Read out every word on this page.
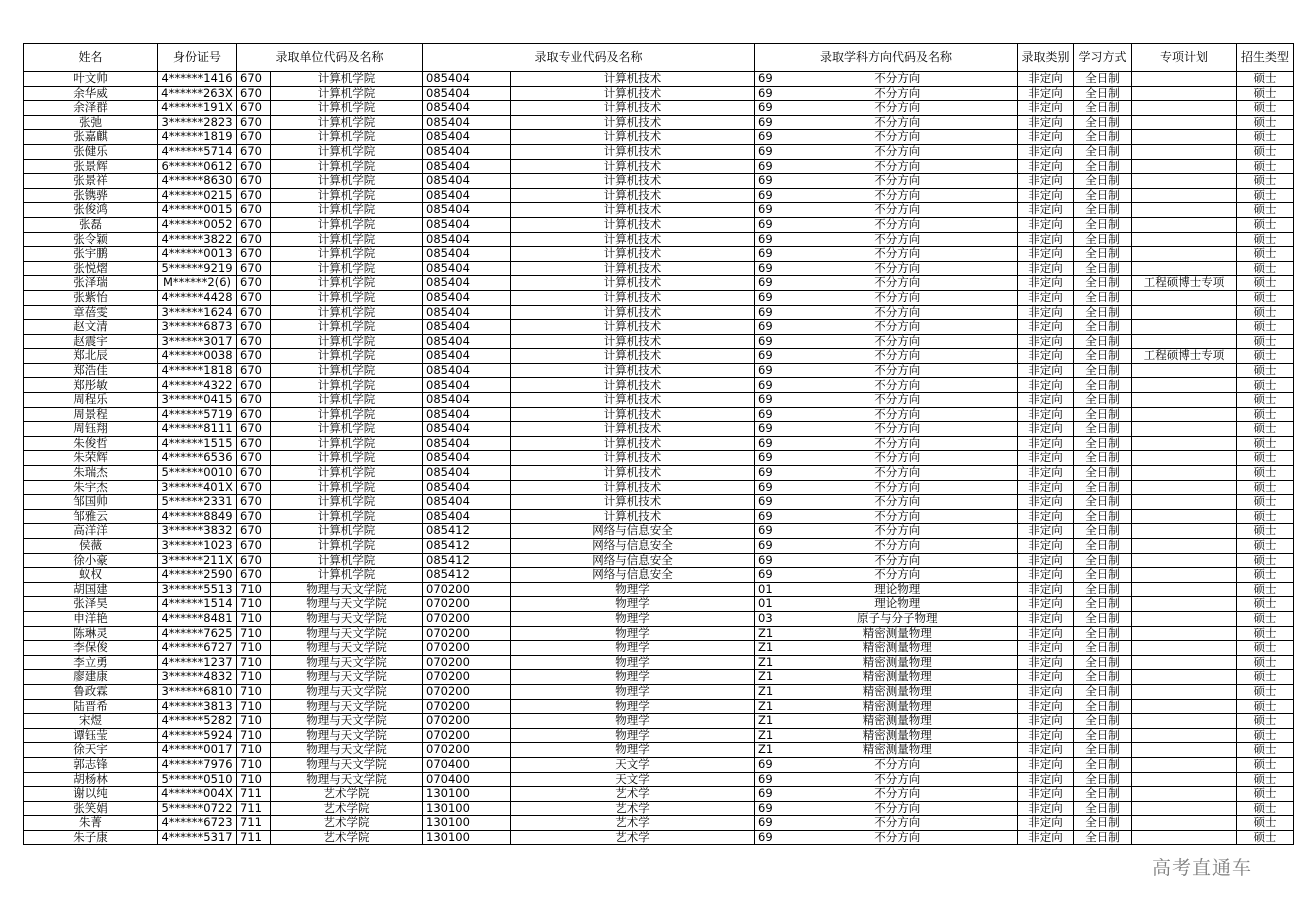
姓名	身份证号	录取单位代码及名称		录取专业代码及名称		录取学科方向代码及名称		录取类别	学习方式	专项计划	招生类型
叶文帅	4******1416	670	计算机学院	085404	计算机技术	69	不分方向	非定向	全日制		硕士
余华威	4******263X	670	计算机学院	085404	计算机技术	69	不分方向	非定向	全日制		硕士
余泽群	4******191X	670	计算机学院	085404	计算机技术	69	不分方向	非定向	全日制		硕士
张弛	3******2823	670	计算机学院	085404	计算机技术	69	不分方向	非定向	全日制		硕士
张嘉麒	4******1819	670	计算机学院	085404	计算机技术	69	不分方向	非定向	全日制		硕士
张健乐	4******5714	670	计算机学院	085404	计算机技术	69	不分方向	非定向	全日制		硕士
张景辉	6******0612	670	计算机学院	085404	计算机技术	69	不分方向	非定向	全日制		硕士
张景祥	4******8630	670	计算机学院	085404	计算机技术	69	不分方向	非定向	全日制		硕士
张镌骅	4******0215	670	计算机学院	085404	计算机技术	69	不分方向	非定向	全日制		硕士
张俊鸿	4******0015	670	计算机学院	085404	计算机技术	69	不分方向	非定向	全日制		硕士
张磊	4******0052	670	计算机学院	085404	计算机技术	69	不分方向	非定向	全日制		硕士
张令颖	4******3822	670	计算机学院	085404	计算机技术	69	不分方向	非定向	全日制		硕士
张宇鹏	4******0013	670	计算机学院	085404	计算机技术	69	不分方向	非定向	全日制		硕士
张悦熠	5******9219	670	计算机学院	085404	计算机技术	69	不分方向	非定向	全日制		硕士
张泽瑞	M******2(6)	670	计算机学院	085404	计算机技术	69	不分方向	非定向	全日制	工程硕博士专项	硕士
张紫怡	4******4428	670	计算机学院	085404	计算机技术	69	不分方向	非定向	全日制		硕士
章蓓雯	3******1624	670	计算机学院	085404	计算机技术	69	不分方向	非定向	全日制		硕士
赵文清	3******6873	670	计算机学院	085404	计算机技术	69	不分方向	非定向	全日制		硕士
赵震宇	3******3017	670	计算机学院	085404	计算机技术	69	不分方向	非定向	全日制		硕士
郑北辰	4******0038	670	计算机学院	085404	计算机技术	69	不分方向	非定向	全日制	工程硕博士专项	硕士
郑浩佳	4******1818	670	计算机学院	085404	计算机技术	69	不分方向	非定向	全日制		硕士
郑彤敏	4******4322	670	计算机学院	085404	计算机技术	69	不分方向	非定向	全日制		硕士
周程乐	3******0415	670	计算机学院	085404	计算机技术	69	不分方向	非定向	全日制		硕士
周景程	4******5719	670	计算机学院	085404	计算机技术	69	不分方向	非定向	全日制		硕士
周钰翔	4******8111	670	计算机学院	085404	计算机技术	69	不分方向	非定向	全日制		硕士
朱俊哲	4******1515	670	计算机学院	085404	计算机技术	69	不分方向	非定向	全日制		硕士
朱荣辉	4******6536	670	计算机学院	085404	计算机技术	69	不分方向	非定向	全日制		硕士
朱瑞杰	5******0010	670	计算机学院	085404	计算机技术	69	不分方向	非定向	全日制		硕士
朱宇杰	3******401X	670	计算机学院	085404	计算机技术	69	不分方向	非定向	全日制		硕士
邹国帅	5******2331	670	计算机学院	085404	计算机技术	69	不分方向	非定向	全日制		硕士
邹雅云	4******8849	670	计算机学院	085404	计算机技术	69	不分方向	非定向	全日制		硕士
高洋洋	3******3832	670	计算机学院	085412	网络与信息安全	69	不分方向	非定向	全日制		硕士
侯薇	3******1023	670	计算机学院	085412	网络与信息安全	69	不分方向	非定向	全日制		硕士
徐小豪	3******211X	670	计算机学院	085412	网络与信息安全	69	不分方向	非定向	全日制		硕士
蚁权	4******2590	670	计算机学院	085412	网络与信息安全	69	不分方向	非定向	全日制		硕士
胡国建	3******5513	710	物理与天文学院	070200	物理学	01	理论物理	非定向	全日制		硕士
张泽昊	4******1514	710	物理与天文学院	070200	物理学	01	理论物理	非定向	全日制		硕士
申洋艳	4******8481	710	物理与天文学院	070200	物理学	03	原子与分子物理	非定向	全日制		硕士
陈琳灵	4******7625	710	物理与天文学院	070200	物理学	Z1	精密测量物理	非定向	全日制		硕士
李保俊	4******6727	710	物理与天文学院	070200	物理学	Z1	精密测量物理	非定向	全日制		硕士
李立勇	4******1237	710	物理与天文学院	070200	物理学	Z1	精密测量物理	非定向	全日制		硕士
廖建康	3******4832	710	物理与天文学院	070200	物理学	Z1	精密测量物理	非定向	全日制		硕士
鲁政霖	3******6810	710	物理与天文学院	070200	物理学	Z1	精密测量物理	非定向	全日制		硕士
陆晋希	4******3813	710	物理与天文学院	070200	物理学	Z1	精密测量物理	非定向	全日制		硕士
宋煜	4******5282	710	物理与天文学院	070200	物理学	Z1	精密测量物理	非定向	全日制		硕士
谭钰莹	4******5924	710	物理与天文学院	070200	物理学	Z1	精密测量物理	非定向	全日制		硕士
徐天宇	4******0017	710	物理与天文学院	070200	物理学	Z1	精密测量物理	非定向	全日制		硕士
郭志锋	4******7976	710	物理与天文学院	070400	天文学	69	不分方向	非定向	全日制		硕士
胡杨林	5******0510	710	物理与天文学院	070400	天文学	69	不分方向	非定向	全日制		硕士
谢以纯	4******004X	711	艺术学院	130100	艺术学	69	不分方向	非定向	全日制		硕士
张笑娟	5******0722	711	艺术学院	130100	艺术学	69	不分方向	非定向	全日制		硕士
朱菁	4******6723	711	艺术学院	130100	艺术学	69	不分方向	非定向	全日制		硕士
朱子康	4******5317	711	艺术学院	130100	艺术学	69	不分方向	非定向	全日制		硕士
高考直通车
